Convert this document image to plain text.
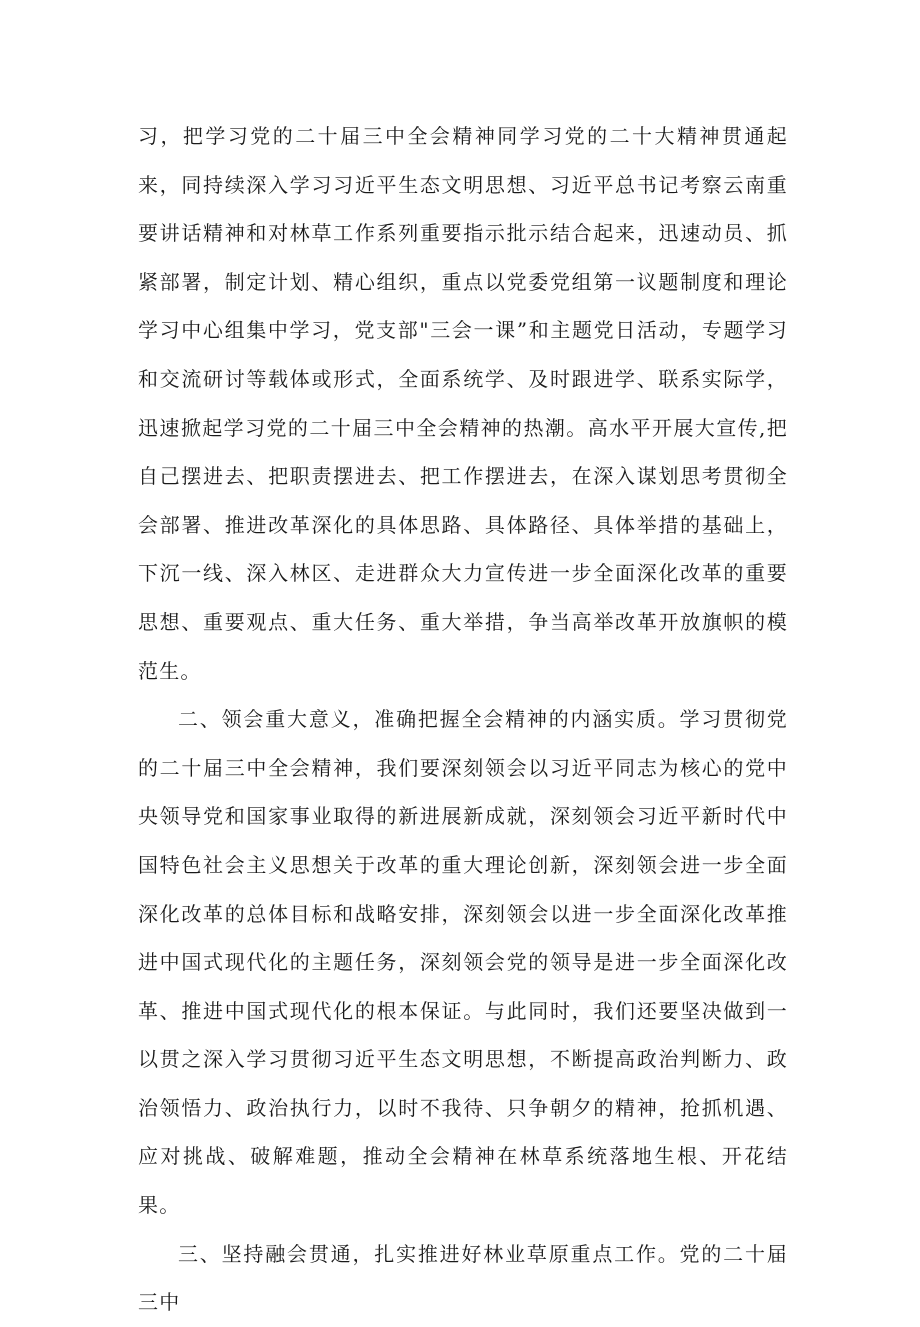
习，把学习党的二十届三中全会精神同学习党的二十大精神贯通起来，同持续深入学习习近平生态文明思想、习近平总书记考察云南重要讲话精神和对林草工作系列重要指示批示结合起来，迅速动员、抓紧部署，制定计划、精心组织，重点以党委党组第一议题制度和理论学习中心组集中学习，党支部"三会一课”和主题党日活动，专题学习和交流研讨等载体或形式，全面系统学、及时跟进学、联系实际学，迅速掀起学习党的二十届三中全会精神的热潮。高水平开展大宣传,把自己摆进去、把职责摆进去、把工作摆进去，在深入谋划思考贯彻全会部署、推进改革深化的具体思路、具体路径、具体举措的基础上，下沉一线、深入林区、走进群众大力宣传进一步全面深化改革的重要思想、重要观点、重大任务、重大举措，争当高举改革开放旗帜的模范生。

二、领会重大意义，准确把握全会精神的内涵实质。学习贯彻党的二十届三中全会精神，我们要深刻领会以习近平同志为核心的党中央领导党和国家事业取得的新进展新成就，深刻领会习近平新时代中国特色社会主义思想关于改革的重大理论创新，深刻领会进一步全面深化改革的总体目标和战略安排，深刻领会以进一步全面深化改革推进中国式现代化的主题任务，深刻领会党的领导是进一步全面深化改革、推进中国式现代化的根本保证。与此同时，我们还要坚决做到一以贯之深入学习贯彻习近平生态文明思想，不断提高政治判断力、政治领悟力、政治执行力，以时不我待、只争朝夕的精神，抢抓机遇、应对挑战、破解难题，推动全会精神在林草系统落地生根、开花结果。

三、坚持融会贯通，扎实推进好林业草原重点工作。党的二十届三中
